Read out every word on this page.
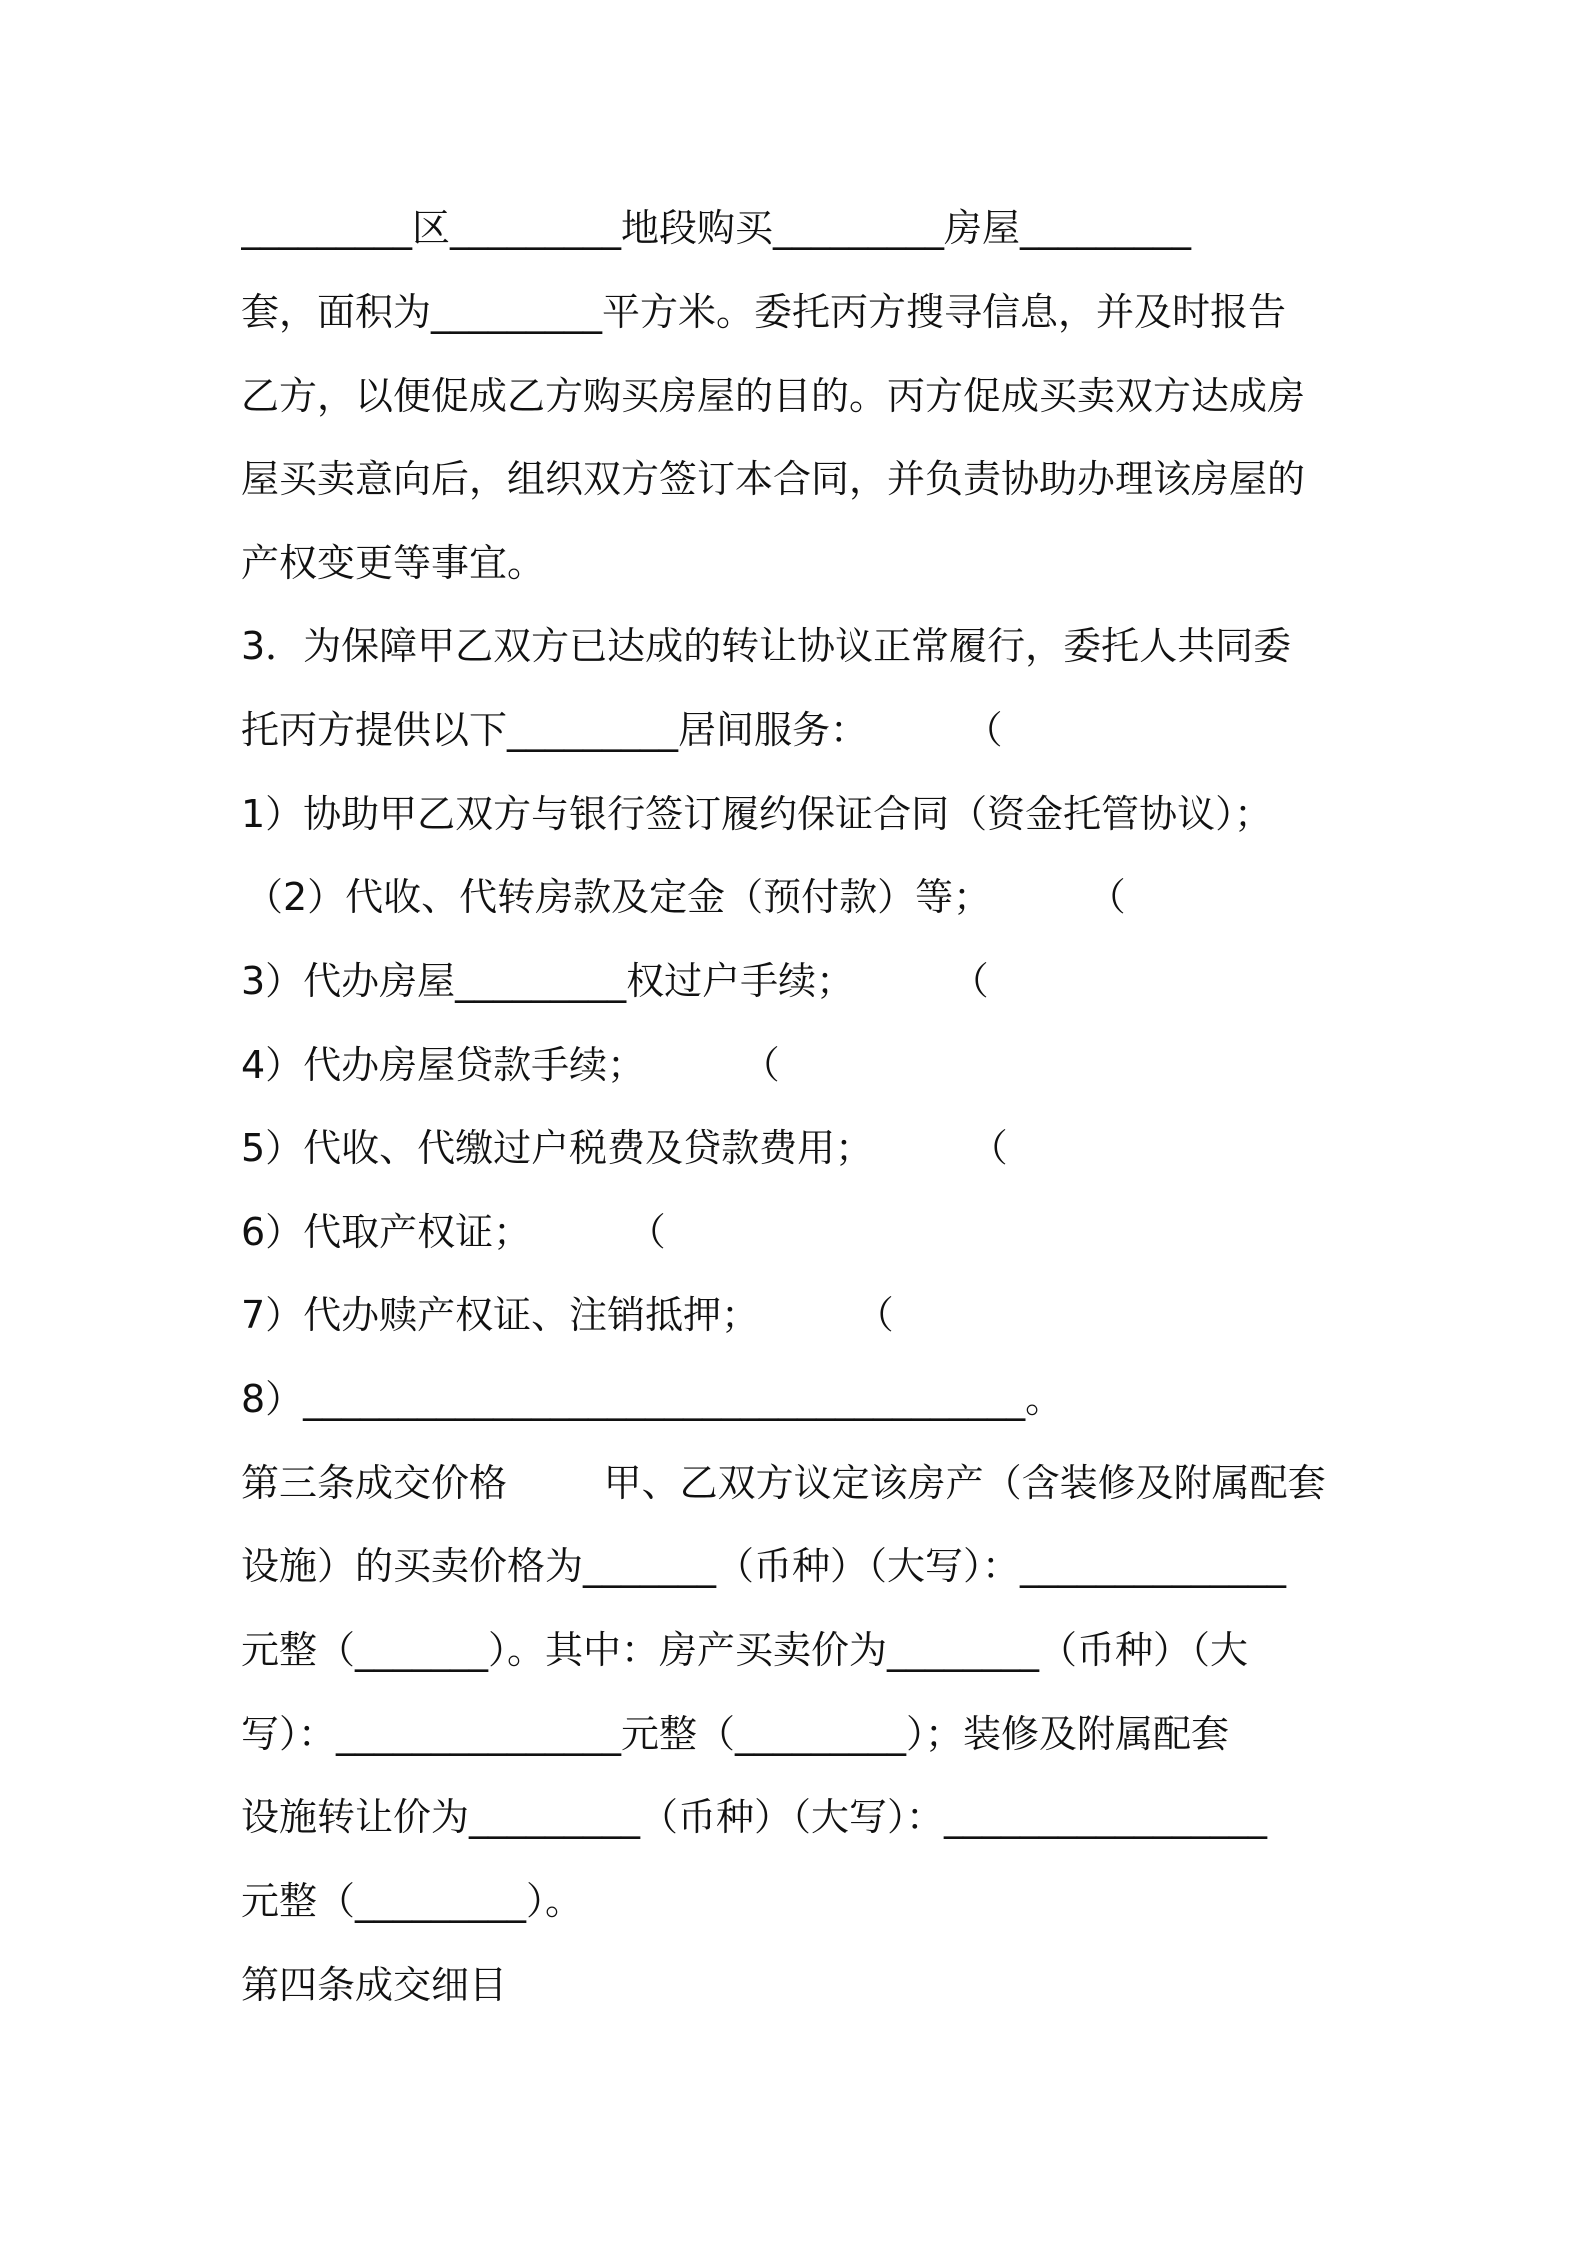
_________区_________地段购买_________房屋_________
套，面积为_________平方米。委托丙方搜寻信息，并及时报告
乙方，以便促成乙方购买房屋的目的。丙方促成买卖双方达成房
屋买卖意向后，组织双方签订本合同，并负责协助办理该房屋的
产权变更等事宜。
3．为保障甲乙双方已达成的转让协议正常履行，委托人共同委
托丙方提供以下_________居间服务：        （
1）协助甲乙双方与银行签订履约保证合同（资金托管协议）；
（2）代收、代转房款及定金（预付款）等；        （
3）代办房屋_________权过户手续；        （
4）代办房屋贷款手续；        （
5）代收、代缴过户税费及贷款费用；        （
6）代取产权证；        （
7）代办赎产权证、注销抵押；        （
8）______________________________________。
第三条成交价格        甲、乙双方议定该房产（含装修及附属配套
设施）的买卖价格为_______（币种）（大写）：______________
元整（_______）。其中：房产买卖价为________（币种）（大
写）：_______________元整（_________）；装修及附属配套
设施转让价为_________（币种）（大写）：_________________
元整（_________）。
第四条成交细目
